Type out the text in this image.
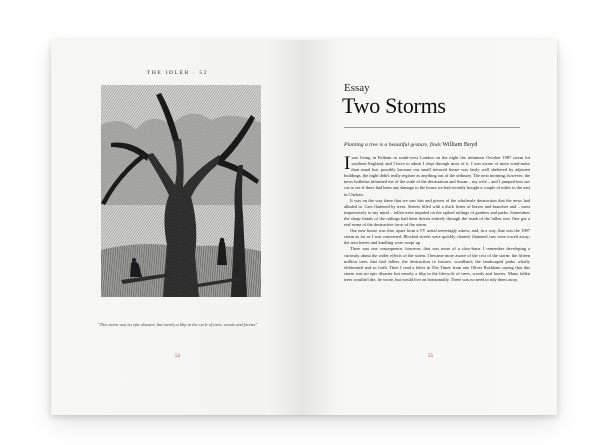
THE IDLER · 52
"This storm was no epic disaster, but merely a blip in the cycle of trees, woods and forests"
54
Essay
Two Storms
Planting a tree is a beautiful gesture, finds William Boyd

Iwas living in Fulham in south-west London on the night the infamous October 1987 storm hit southern England, and I have to admit I slept through most of it. I was aware of more wind-noise than usual but, possibly because our small terraced house was fairly well sheltered by adjacent buildings, the night didn't really register as anything out of the ordinary. The next morning, however, the news bulletins informed me of the scale of the devastation and Susan – my wife – and I jumped into our car to see if there had been any damage to the house we had recently bought a couple of miles to the east in Chelsea.

It was on the way there that we saw bits and pieces of the wholesale destruction that the news had alluded to. Cars flattened by trees. Streets filled with a thick fritter of leaves and branches and – most impressively to my mind – fallen trees impaled on the spiked railings of gardens and parks. Sometimes the sharp finials of the railings had been driven entirely through the trunk of the fallen tree. One got a real sense of the destructive force of the storm.

Our new house was fine, apart from a TV aerial teeteringly askew, and, in a way, that was the 1987 storm as far as I was concerned. Blocked streets were quickly cleared; flattened cars were towed away; the torn leaves and kindling were swept up.

There was one consequence, however, that was more of a slow-burn. I remember developing a curiosity about the wider effects of the storm. I became more aware of the cost of the storm: the fifteen million trees that had fallen; the destruction to historic woodland; the landscaped parks wholly obliterated and so forth. Then I read a letter in The Times from one Oliver Rackham saying that this storm was no epic disaster but merely a blip in the lifecycle of trees, woods and forests. Many fallen trees wouldn't die, he wrote, but would live on horizontally. There was no need to tidy them away.

55
